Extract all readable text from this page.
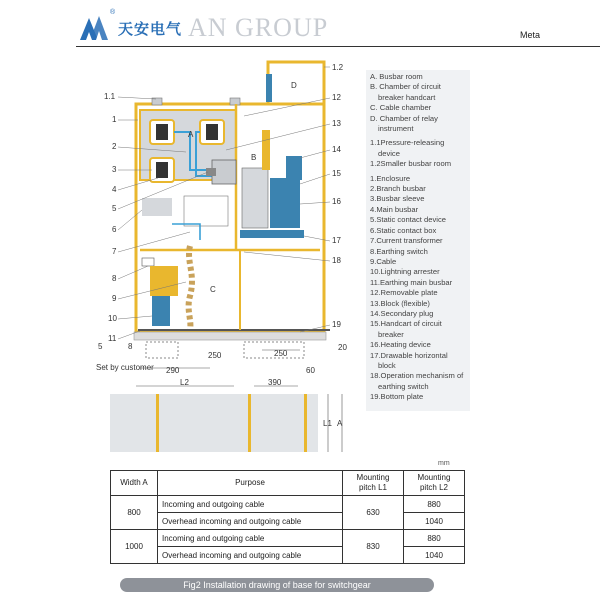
®
天安电气 AN GROUP	Meta
A. Busbar room
B. Chamber of circuit breaker handcart
C. Cable chamber
D. Chamber of relay instrument
1.1Pressure-releasing device
1.2Smaller busbar room
1.Enclosure
2.Branch busbar
3.Busbar sleeve
4.Main busbar
5.Static contact device
6.Static contact box
7.Current transformer
8.Earthing switch
9.Cable
10.Lightning arrester
11.Earthing main busbar
12.Removable plate
13.Block (flexible)
14.Secondary plug
15.Handcart of circuit breaker
16.Heating device
17.Drawable horizontal block
18.Operation mechanism of earthing switch
19.Bottom plate
A
B
C
D
1.1
1
2
3
4
5
6
7
8
9
10
11
1.2
12
13
14
15
16
17
18
19
5	8
Set by customer 290
250	250
60
20
L2	390
L1 A
mm
Width A	Purpose	Mounting pitch L1	Mounting pitch L2
800	Incoming and outgoing cable	630	880
	Overhead incoming and outgoing cable		1040
1000	Incoming and outgoing cable	830	880
	Overhead incoming and outgoing cable		1040
Fig2 Installation drawing of base for switchgear
